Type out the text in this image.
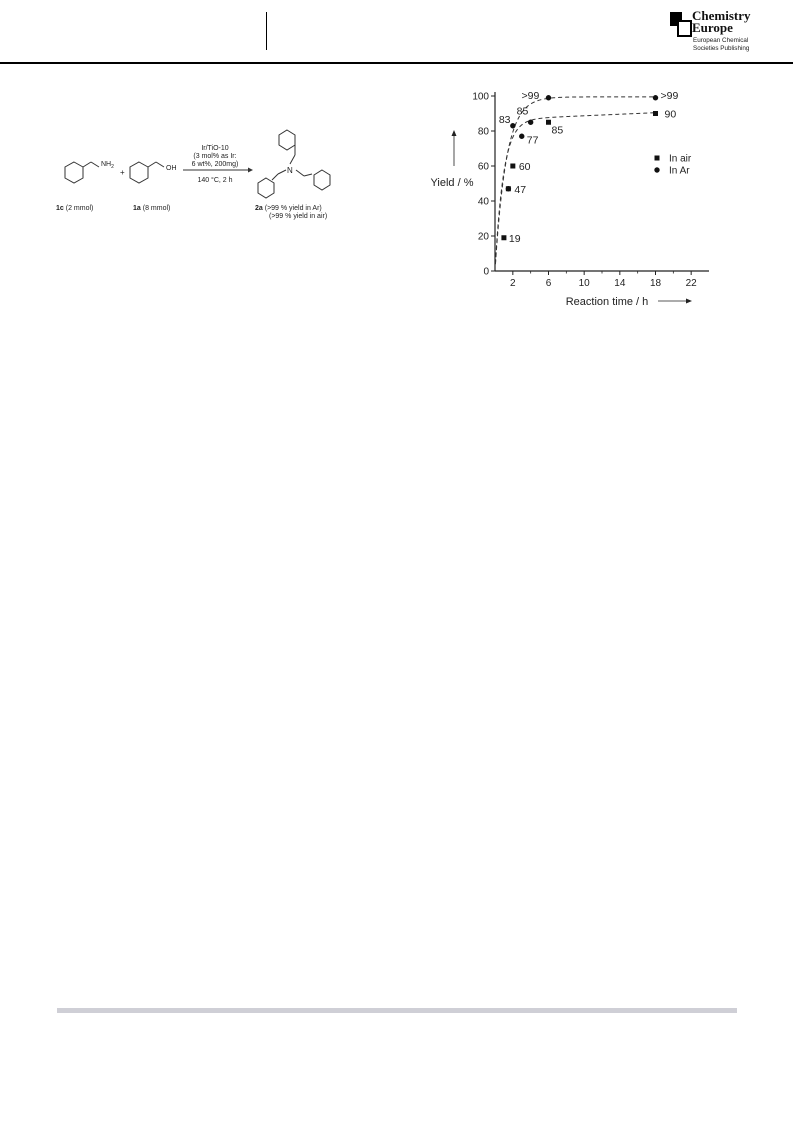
Chemistry
Europe
European Chemical
Societies Publishing
$NH_2$
+	OH
1c (2 mmol)	1a (8 mmol)
Ir/TiO-10
(3 mol% as Ir:
6 wt%, 200mg)
140 °C, 2 h
N
2a (>99 % yield in Ar)
(>99 % yield in air)
2	6	10 14 18 22
0
20
40
60
80
100
19
47
60
85
90
83
77
85
>99	>99
Reaction time / h
Yield / %
In air
In Ar
